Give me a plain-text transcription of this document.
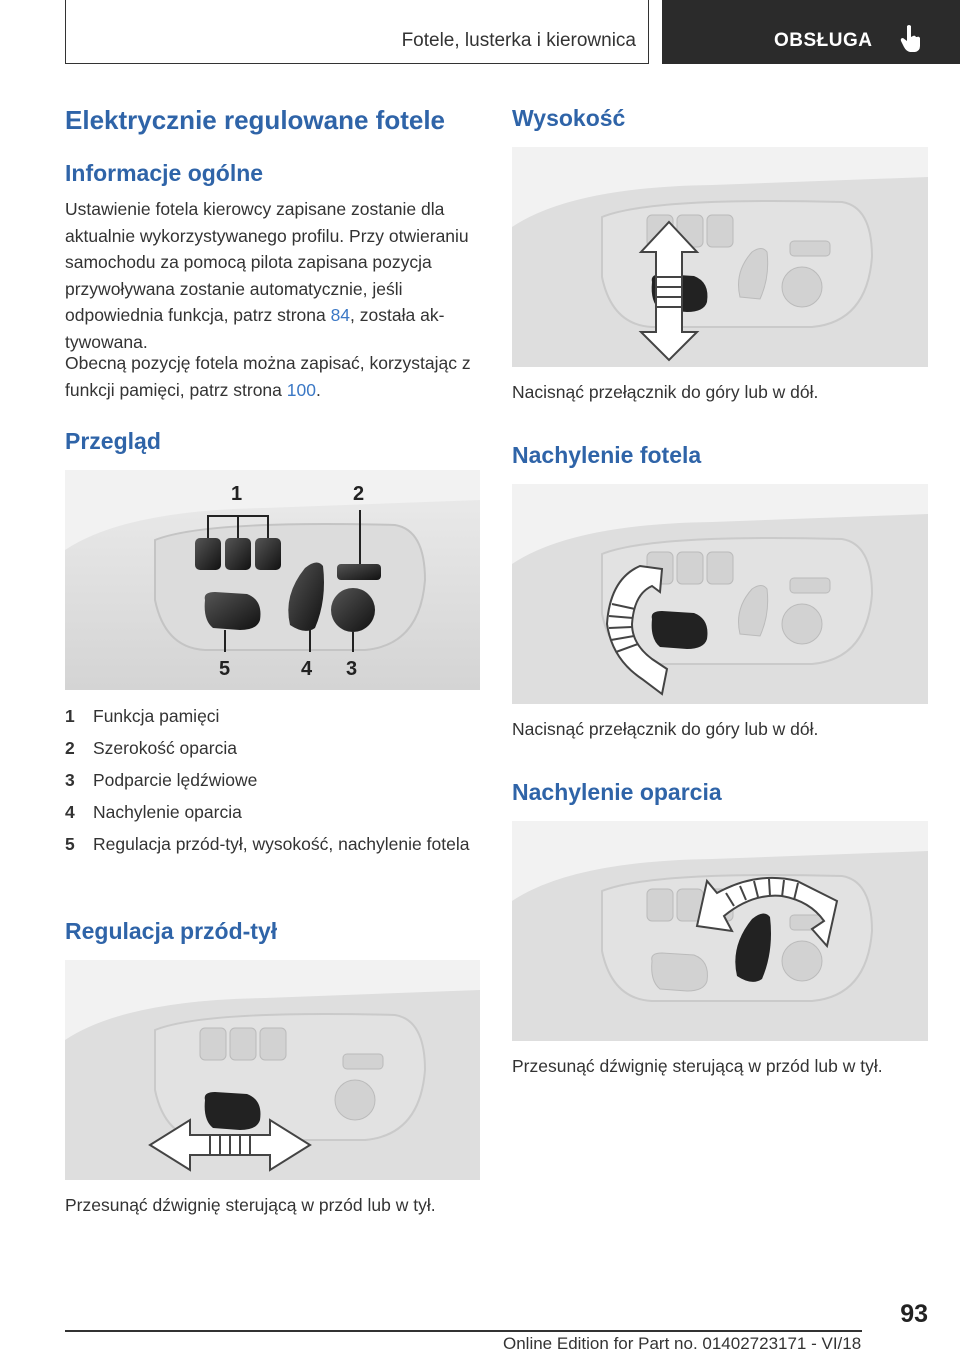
Fotele, lusterka i kierownica	OBSŁUGA
Elektrycznie regulowane fotele
Informacje ogólne

Ustawienie fotela kierowcy zapisane zostanie dla aktualnie wykorzystywanego profilu. Przy otwieraniu samochodu za pomocą pilota zapisana pozycja przywoływana zostanie automatycznie, jeśli odpowiednia funkcja, patrz strona 84, została aktywowana.

Obecną pozycję fotela można zapisać, korzystając z funkcji pamięci, patrz strona 100.

Przegląd
1	2
3
4
5
1	Funkcja pamięci
2	Szerokość oparcia
3	Podparcie lędźwiowe
4	Nachylenie oparcia
5	Regulacja przód-tył, wysokość, nachylenie fotela
Regulacja przód-tył

Przesunąć dźwignię sterującą w przód lub w tył.

Wysokość

Nacisnąć przełącznik do góry lub w dół.

Nachylenie fotela

Nacisnąć przełącznik do góry lub w dół.

Nachylenie oparcia

Przesunąć dźwignię sterującą w przód lub w tył.

93
Online Edition for Part no. 01402723171 - VI/18
